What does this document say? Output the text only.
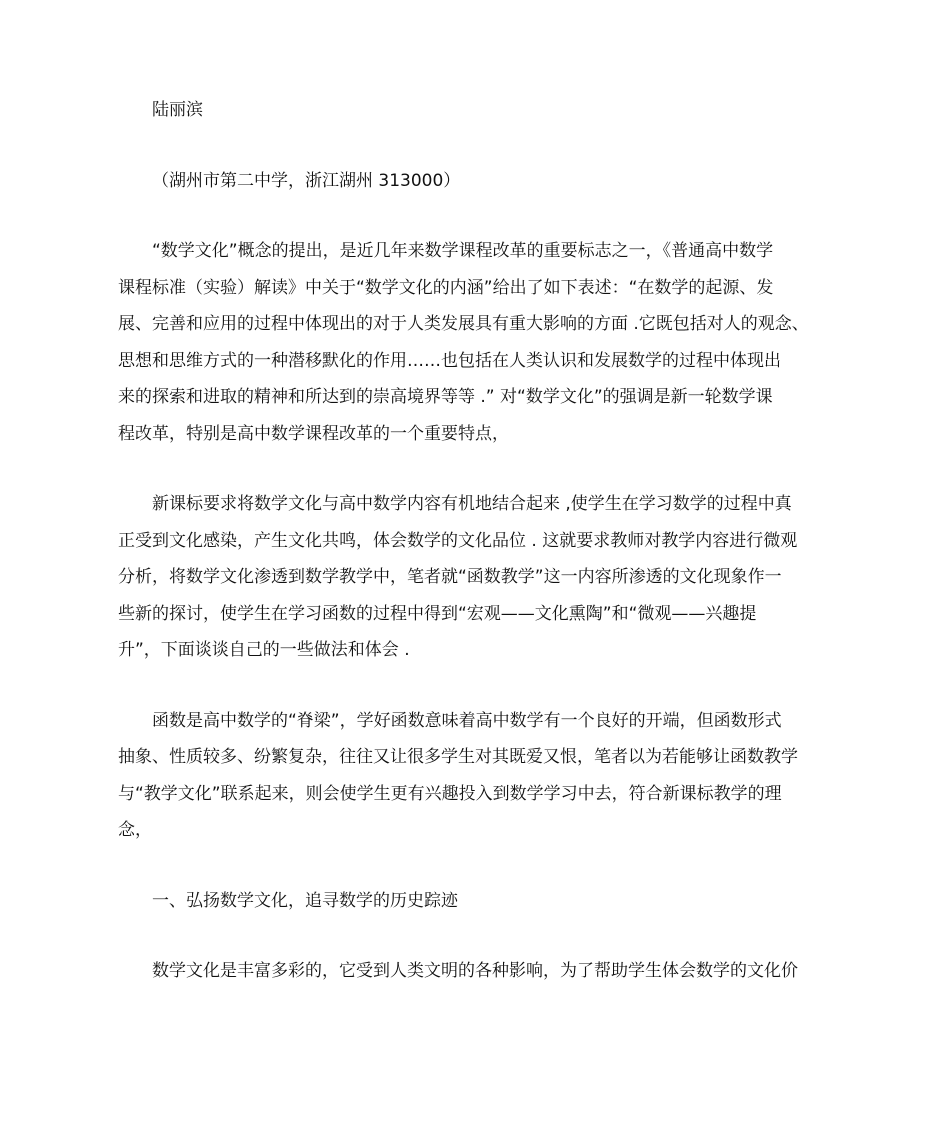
陆丽滨
（湖州市第二中学，浙江湖州 313000）
“数学文化”概念的提出，是近几年来数学课程改革的重要标志之一，《普通高中数学
课程标准（实验）解读》中关于“数学文化的内涵”给出了如下表述：“在数学的起源、发
展、完善和应用的过程中体现出的对于人类发展具有重大影响的方面 .它既包括对人的观念、
思想和思维方式的一种潜移默化的作用……也包括在人类认识和发展数学的过程中体现出
来的探索和进取的精神和所达到的崇高境界等等 .” 对“数学文化”的强调是新一轮数学课
程改革，特别是高中数学课程改革的一个重要特点，
新课标要求将数学文化与高中数学内容有机地结合起来 ,使学生在学习数学的过程中真
正受到文化感染，产生文化共鸣，体会数学的文化品位 . 这就要求教师对教学内容进行微观
分析，将数学文化渗透到数学教学中，笔者就“函数教学”这一内容所渗透的文化现象作一
些新的探讨，使学生在学习函数的过程中得到“宏观——文化熏陶”和“微观——兴趣提
升”，下面谈谈自己的一些做法和体会 .
函数是高中数学的“脊梁”，学好函数意味着高中数学有一个良好的开端，但函数形式
抽象、性质较多、纷繁复杂，往往又让很多学生对其既爱又恨，笔者以为若能够让函数教学
与“教学文化”联系起来，则会使学生更有兴趣投入到数学学习中去，符合新课标教学的理
念，
一、弘扬数学文化，追寻数学的历史踪迹
数学文化是丰富多彩的，它受到人类文明的各种影响，为了帮助学生体会数学的文化价
